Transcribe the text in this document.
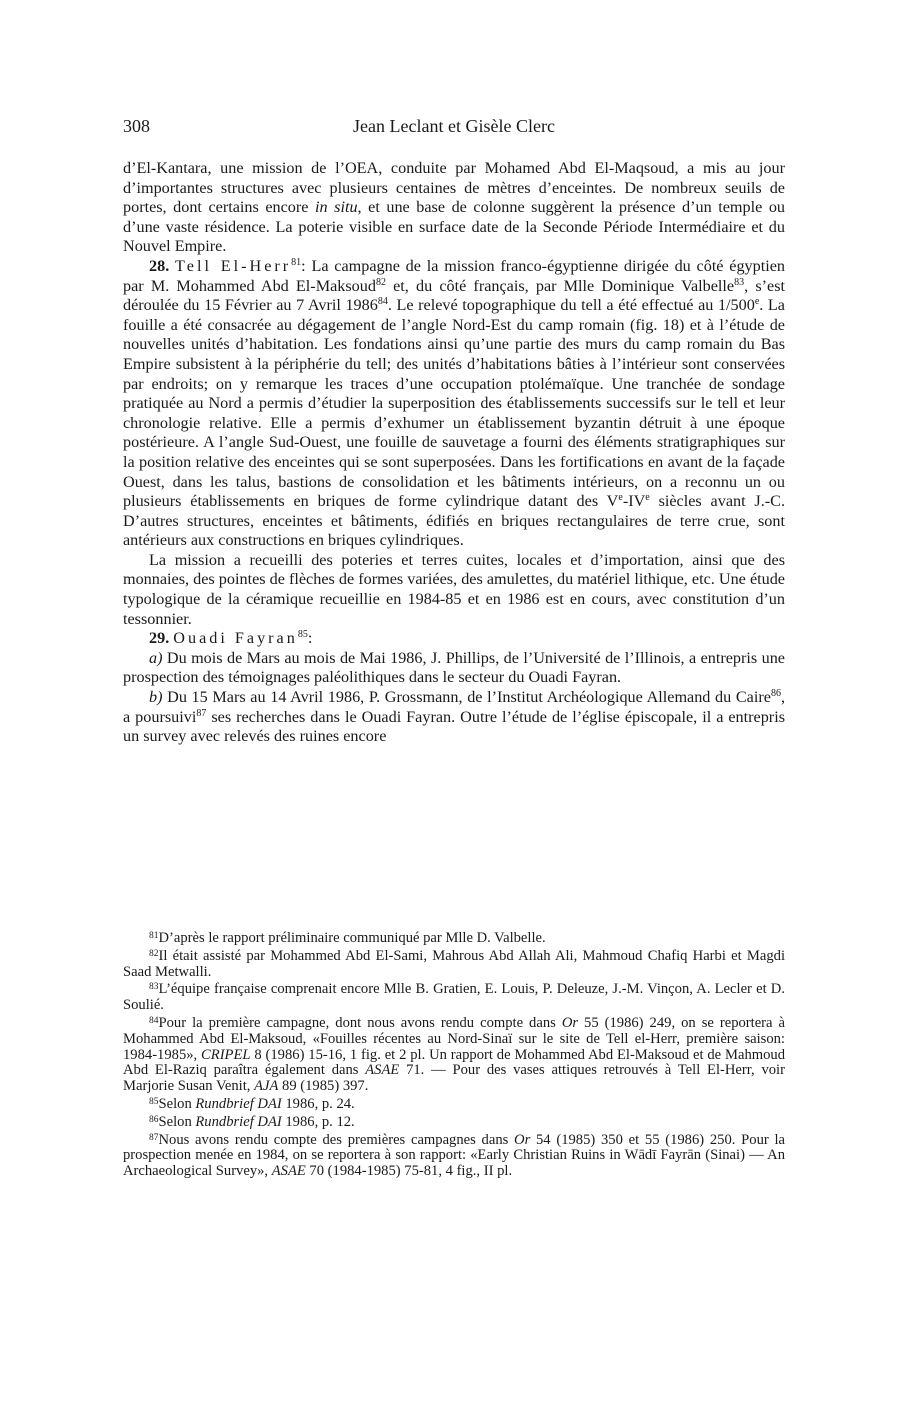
308	Jean Leclant et Gisèle Clerc

d’El-Kantara, une mission de l’OEA, conduite par Mohamed Abd El-Maqsoud, a mis au jour d’importantes structures avec plusieurs centaines de mètres d’enceintes. De nombreux seuils de portes, dont certains encore in situ, et une base de colonne suggèrent la présence d’un temple ou d’une vaste résidence. La poterie visible en surface date de la Seconde Période Intermédiaire et du Nouvel Empire.

28. Tell El-Herr$^{81}$: La campagne de la mission franco-égyptienne dirigée du côté égyptien par M. Mohammed Abd El-Maksoud$^{82}$ et, du côté français, par Mlle Dominique Valbelle$^{83}$, s’est déroulée du 15 Février au 7 Avril 1986$^{84}$. Le relevé topographique du tell a été effectué au 1/500e. La fouille a été consacrée au dégagement de l’angle Nord-Est du camp romain (fig. 18) et à l’étude de nouvelles unités d’habitation. Les fondations ainsi qu’une partie des murs du camp romain du Bas Empire subsistent à la périphérie du tell; des unités d’habitations bâties à l’intérieur sont conservées par endroits; on y remarque les traces d’une occupation ptolémaïque. Une tranchée de sondage pratiquée au Nord a permis d’étudier la superposition des établissements successifs sur le tell et leur chronologie relative. Elle a permis d’exhumer un établissement byzantin détruit à une époque postérieure. A l’angle Sud-Ouest, une fouille de sauvetage a fourni des éléments stratigraphiques sur la position relative des enceintes qui se sont superposées. Dans les fortifications en avant de la façade Ouest, dans les talus, bastions de consolidation et les bâtiments intérieurs, on a reconnu un ou plusieurs établissements en briques de forme cylindrique datant des Ve-IVe siècles avant J.-C. D’autres structures, enceintes et bâtiments, édifiés en briques rectangulaires de terre crue, sont antérieurs aux constructions en briques cylindriques.

La mission a recueilli des poteries et terres cuites, locales et d’importation, ainsi que des monnaies, des pointes de flèches de formes variées, des amulettes, du matériel lithique, etc. Une étude typologique de la céramique recueillie en 1984-85 et en 1986 est en cours, avec constitution d’un tessonnier.

29. Ouadi Fayran$^{85}$:

a) Du mois de Mars au mois de Mai 1986, J. Phillips, de l’Université de l’Illinois, a entrepris une prospection des témoignages paléolithiques dans le secteur du Ouadi Fayran.

b) Du 15 Mars au 14 Avril 1986, P. Grossmann, de l’Institut Archéologique Allemand du Caire$^{86}$, a poursuivi$^{87}$ ses recherches dans le Ouadi Fayran. Outre l’étude de l’église épiscopale, il a entrepris un survey avec relevés des ruines encore

$^{81}$D’après le rapport préliminaire communiqué par Mlle D. Valbelle.

$^{82}$Il était assisté par Mohammed Abd El-Sami, Mahrous Abd Allah Ali, Mahmoud Chafiq Harbi et Magdi Saad Metwalli.

$^{83}$L’équipe française comprenait encore Mlle B. Gratien, E. Louis, P. Deleuze, J.-M. Vinçon, A. Lecler et D. Soulié.

$^{84}$Pour la première campagne, dont nous avons rendu compte dans Or 55 (1986) 249, on se reportera à Mohammed Abd El-Maksoud, «Fouilles récentes au Nord-Sinaï sur le site de Tell el-Herr, première saison: 1984-1985», CRIPEL 8 (1986) 15-16, 1 fig. et 2 pl. Un rapport de Mohammed Abd El-Maksoud et de Mahmoud Abd El-Raziq paraîtra également dans ASAE 71. — Pour des vases attiques retrouvés à Tell El-Herr, voir Marjorie Susan Venit, AJA 89 (1985) 397.

$^{85}$Selon Rundbrief DAI 1986, p. 24.

$^{86}$Selon Rundbrief DAI 1986, p. 12.

$^{87}$Nous avons rendu compte des premières campagnes dans Or 54 (1985) 350 et 55 (1986) 250. Pour la prospection menée en 1984, on se reportera à son rapport: «Early Christian Ruins in Wādī Fayrān (Sinai) — An Archaeological Survey», ASAE 70 (1984-1985) 75-81, 4 fig., II pl.
